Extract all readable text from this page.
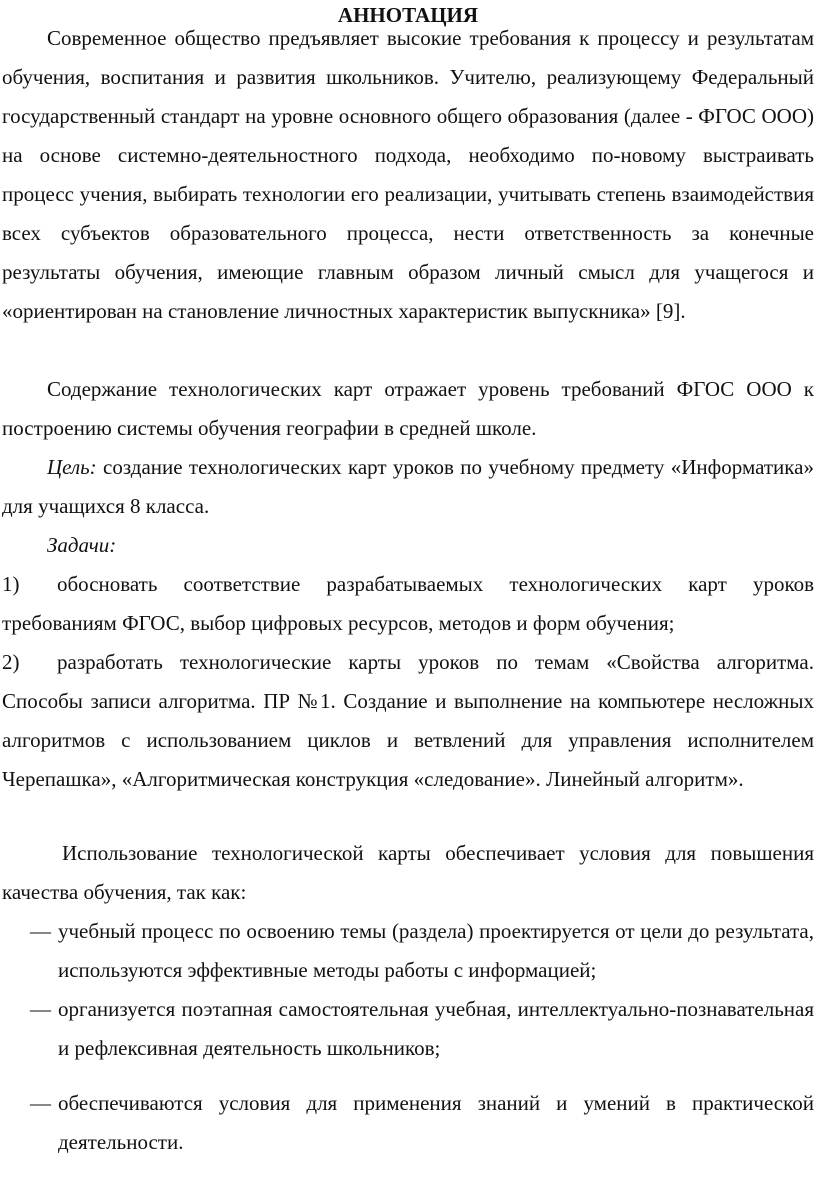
АННОТАЦИЯ

Современное общество предъявляет высокие требования к процессу и результатам обучения, воспитания и развития школьников. Учителю, реализующему Федеральный государственный стандарт на уровне основного общего образования (далее - ФГОС ООО) на основе системно-деятельностного подхода, необходимо по-новому выстраивать процесс учения, выбирать технологии его реализации, учитывать степень взаимодействия всех субъектов образовательного процесса, нести ответственность за конечные результаты обучения, имеющие главным образом личный смысл для учащегося и «ориентирован на становление личностных характеристик выпускника» [9].

Содержание технологических карт отражает уровень требований ФГОС ООО к построению системы обучения географии в средней школе.

Цель: создание технологических карт уроков по учебному предмету «Информатика» для учащихся 8 класса.

Задачи:

1) обосновать соответствие разрабатываемых технологических карт уроков требованиям ФГОС, выбор цифровых ресурсов, методов и форм обучения;

2) разработать технологические карты уроков по темам «Свойства алгоритма. Способы записи алгоритма. ПР №1. Создание и выполнение на компьютере несложных алгоритмов с использованием циклов и ветвлений для управления исполнителем Черепашка», «Алгоритмическая конструкция «следование». Линейный алгоритм».

Использование технологической карты обеспечивает условия для повышения качества обучения, так как:

— учебный процесс по освоению темы (раздела) проектируется от цели до результата, используются эффективные методы работы с информацией;
— организуется поэтапная самостоятельная учебная, интеллектуально-познавательная и рефлексивная деятельность школьников;
— обеспечиваются условия для применения знаний и умений в практической деятельности.
